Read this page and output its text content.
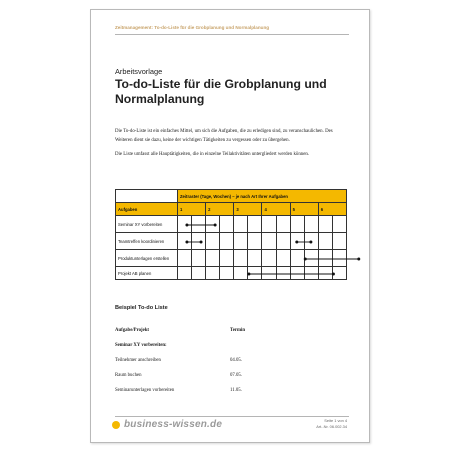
Zeitmanagement: To-do-Liste für die Grobplanung und Normalplanung
Arbeitsvorlage
To-do-Liste für die Grobplanung und Normalplanung

Die To-do-Liste ist ein einfaches Mittel, um sich die Aufgaben, die zu erledigen sind, zu veranschaulichen. Des Weiteren dient sie dazu, keine der wichtigen Tätigkeiten zu vergessen oder zu übergehen.

Die Liste umfasst alle Hauptätigkeiten, die in einzelne Teilaktivitäten untergliedert werden können.

	Zeitraster (Tage, Wochen) – je nach Art Ihrer Aufgaben											
Aufgaben	1		2		3		4		5		6	
Seminar XY vorbereiten												
Teamtreffen koordinieren												
Produktunterlagen erstellen												
Projekt AB planen												
Beispiel To-do Liste
Aufgabe/Projekt	Termin
Seminar XY vorbereiten:
Teilnehmer anschreiben	04.05.
Raum buchen	07.05.
Seminarunterlagen vorbereiten	11.05.
business-wissen.de	Seite 1 von 4
Art.-Nr. 06.002.34
